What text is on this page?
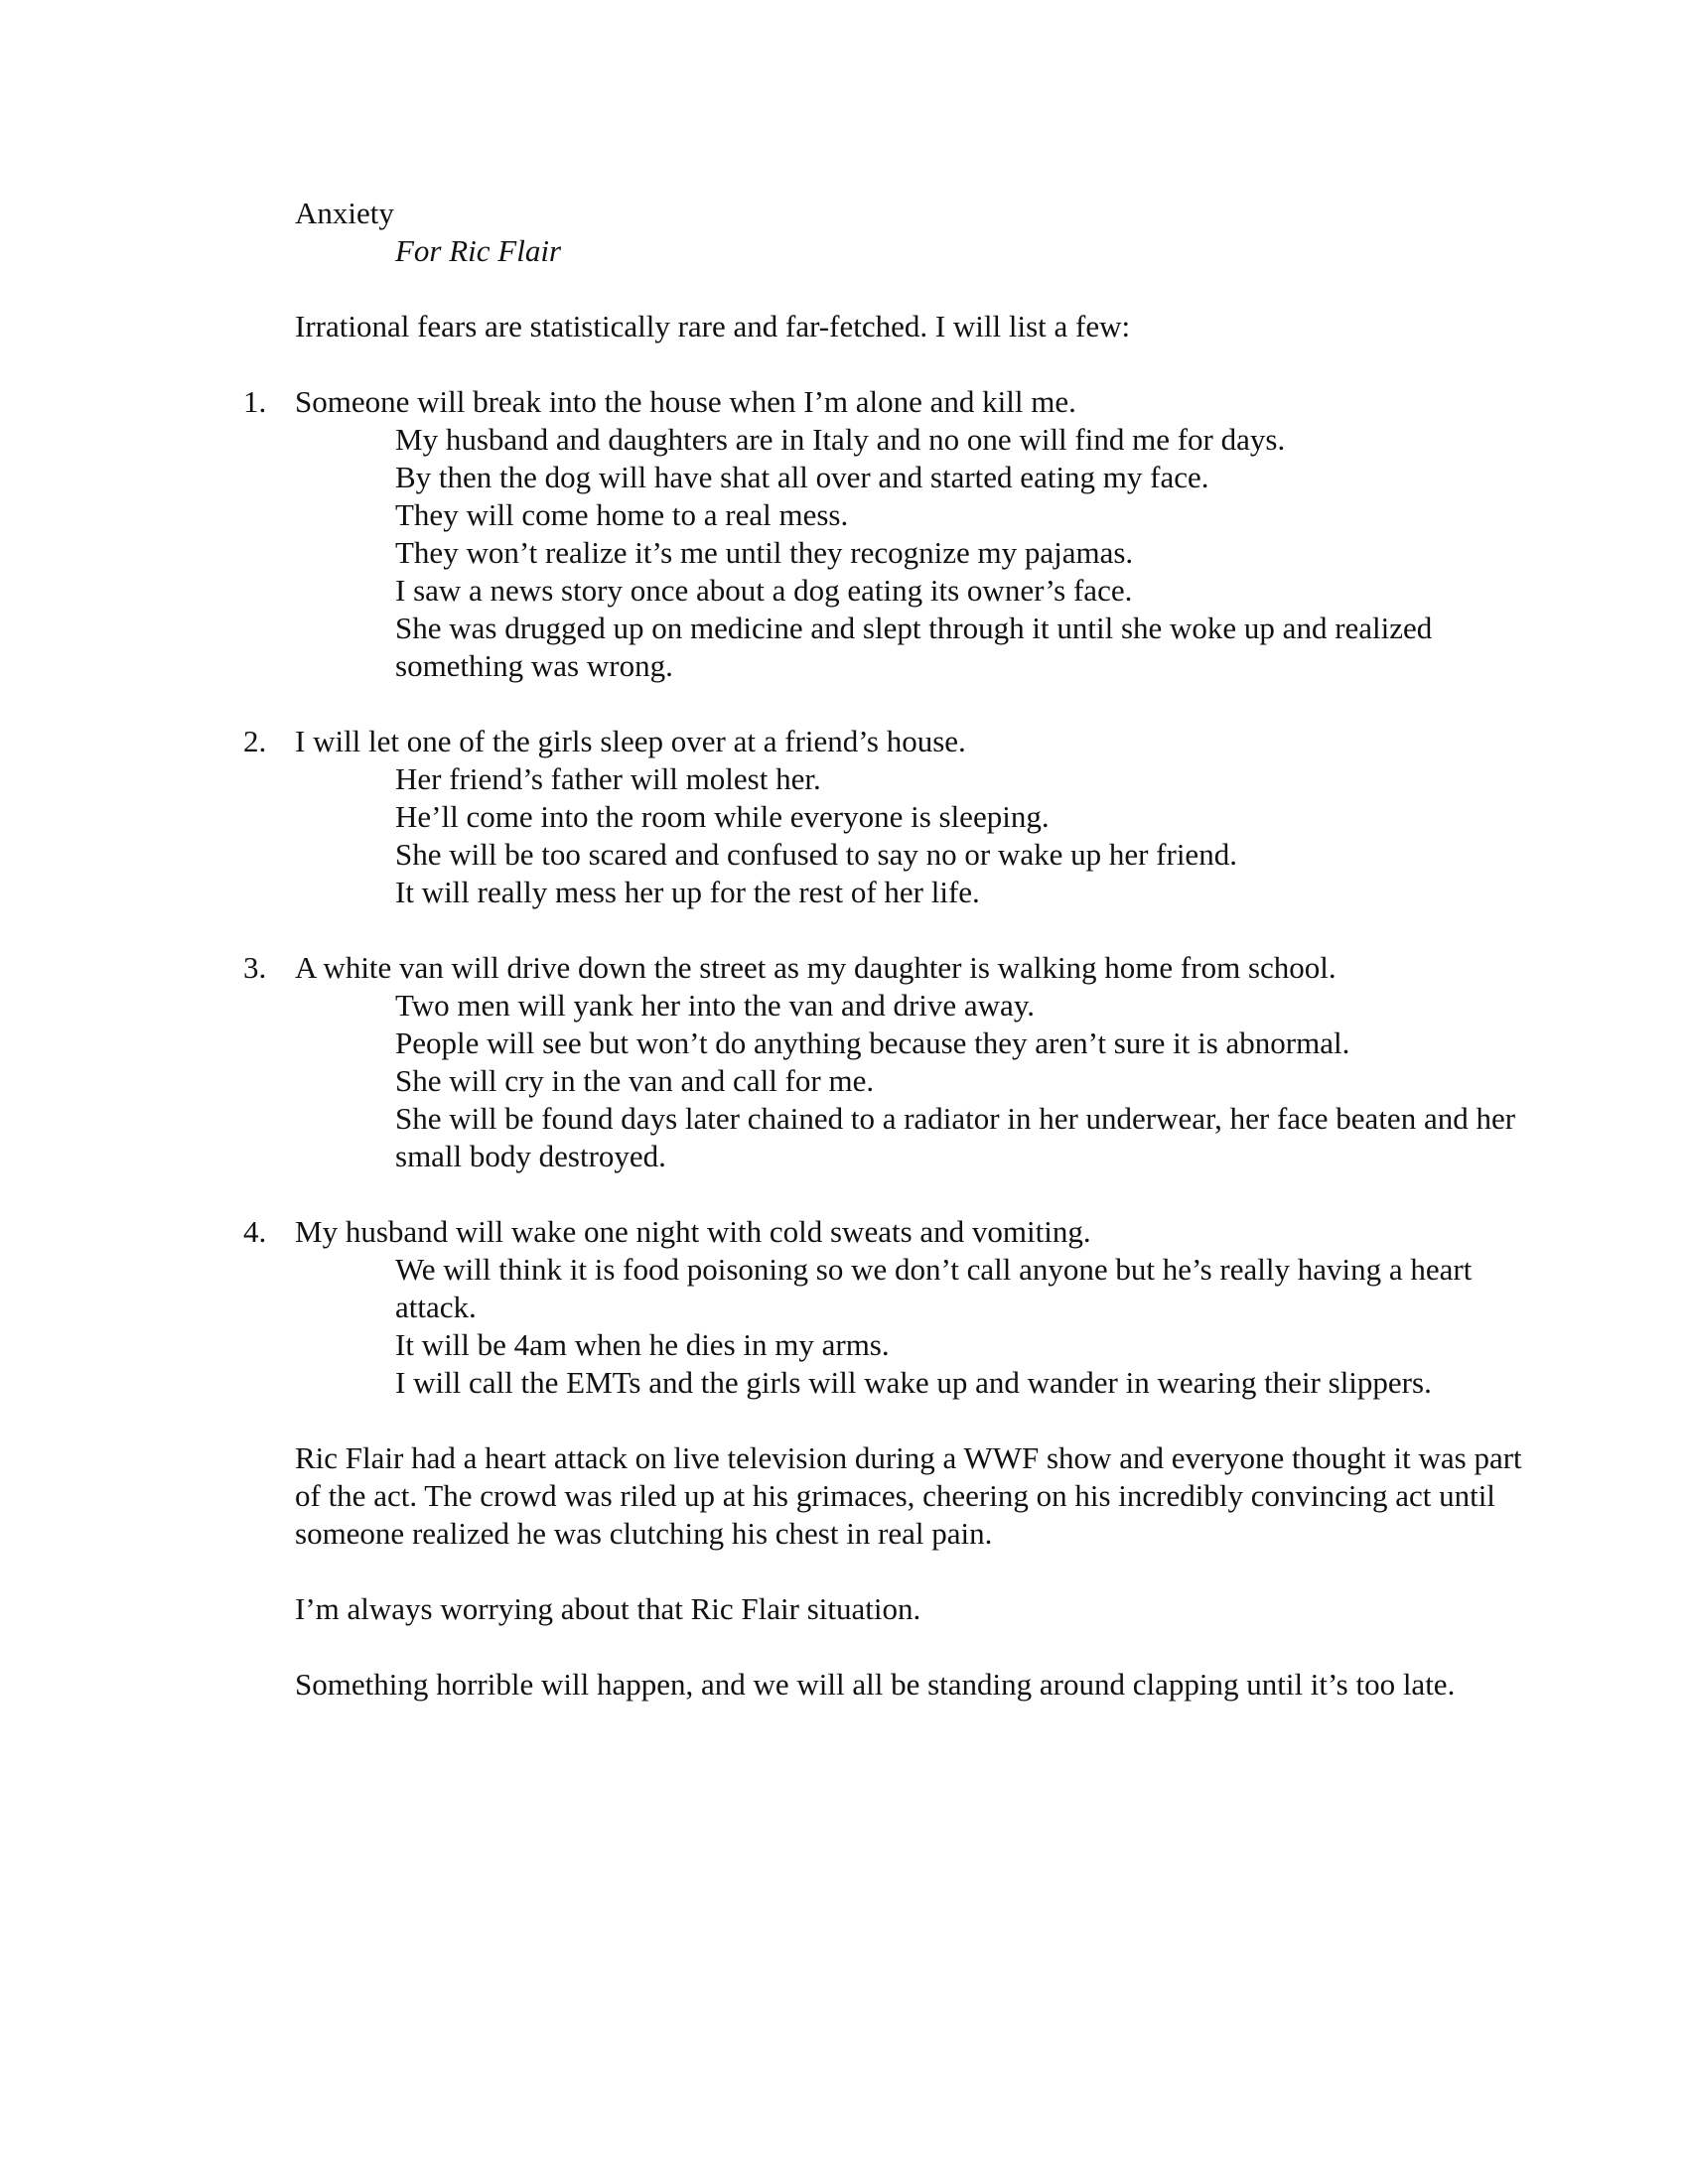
Anxiety

For Ric Flair

Irrational fears are statistically rare and far-fetched. I will list a few:

1. Someone will break into the house when I’m alone and kill me.

My husband and daughters are in Italy and no one will find me for days.

By then the dog will have shat all over and started eating my face.

They will come home to a real mess.

They won’t realize it’s me until they recognize my pajamas.

I saw a news story once about a dog eating its owner’s face.

She was drugged up on medicine and slept through it until she woke up and realized something was wrong.

2. I will let one of the girls sleep over at a friend’s house.

Her friend’s father will molest her.

He’ll come into the room while everyone is sleeping.

She will be too scared and confused to say no or wake up her friend.

It will really mess her up for the rest of her life.

3. A white van will drive down the street as my daughter is walking home from school.

Two men will yank her into the van and drive away.

People will see but won’t do anything because they aren’t sure it is abnormal.

She will cry in the van and call for me.

She will be found days later chained to a radiator in her underwear, her face beaten and her small body destroyed.

4. My husband will wake one night with cold sweats and vomiting.

We will think it is food poisoning so we don’t call anyone but he’s really having a heart attack.

It will be 4am when he dies in my arms.

I will call the EMTs and the girls will wake up and wander in wearing their slippers.

Ric Flair had a heart attack on live television during a WWF show and everyone thought it was part of the act. The crowd was riled up at his grimaces, cheering on his incredibly convincing act until someone realized he was clutching his chest in real pain.

I’m always worrying about that Ric Flair situation.

Something horrible will happen, and we will all be standing around clapping until it’s too late.
